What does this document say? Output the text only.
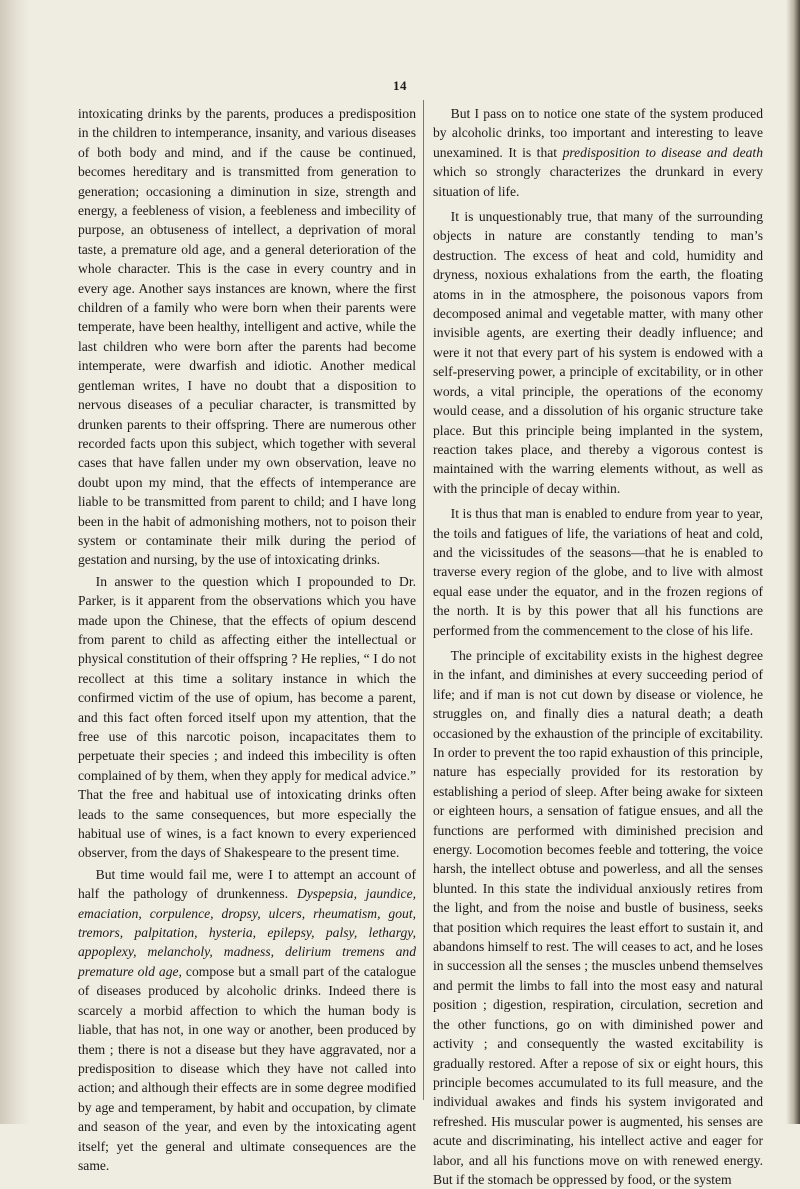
14

intoxicating drinks by the parents, produces a predisposition in the children to intemperance, insanity, and various diseases of both body and mind, and if the cause be continued, becomes hereditary and is transmitted from generation to generation; occasioning a diminution in size, strength and energy, a feebleness of vision, a feebleness and imbecility of purpose, an obtuseness of intellect, a deprivation of moral taste, a premature old age, and a general deterioration of the whole character. This is the case in every country and in every age. Another says instances are known, where the first children of a family who were born when their parents were temperate, have been healthy, intelligent and active, while the last children who were born after the parents had become intemperate, were dwarfish and idiotic. Another medical gentleman writes, I have no doubt that a disposition to nervous diseases of a peculiar character, is transmitted by drunken parents to their offspring. There are numerous other recorded facts upon this subject, which together with several cases that have fallen under my own observation, leave no doubt upon my mind, that the effects of intemperance are liable to be transmitted from parent to child; and I have long been in the habit of admonishing mothers, not to poison their system or contaminate their milk during the period of gestation and nursing, by the use of intoxicating drinks.

In answer to the question which I propounded to Dr. Parker, is it apparent from the observations which you have made upon the Chinese, that the effects of opium descend from parent to child as affecting either the intellectual or physical constitution of their offspring ? He replies, “ I do not recollect at this time a solitary instance in which the confirmed victim of the use of opium, has become a parent, and this fact often forced itself upon my attention, that the free use of this narcotic poison, incapacitates them to perpetuate their species ; and indeed this imbecility is often complained of by them, when they apply for medical advice.” That the free and habitual use of intoxicating drinks often leads to the same consequences, but more especially the habitual use of wines, is a fact known to every experienced observer, from the days of Shakespeare to the present time.

But time would fail me, were I to attempt an account of half the pathology of drunkenness. Dyspepsia, jaundice, emaciation, corpulence, dropsy, ulcers, rheumatism, gout, tremors, palpitation, hysteria, epilepsy, palsy, lethargy, appoplexy, melancholy, madness, delirium tremens and premature old age, compose but a small part of the catalogue of diseases produced by alcoholic drinks. Indeed there is scarcely a morbid affection to which the human body is liable, that has not, in one way or another, been produced by them ; there is not a disease but they have aggravated, nor a predisposition to disease which they have not called into action; and although their effects are in some degree modified by age and temperament, by habit and occupation, by climate and season of the year, and even by the intoxicating agent itself; yet the general and ultimate consequences are the same.

But I pass on to notice one state of the system produced by alcoholic drinks, too important and interesting to leave unexamined. It is that predisposition to disease and death which so strongly characterizes the drunkard in every situation of life.

It is unquestionably true, that many of the surrounding objects in nature are constantly tending to man’s destruction. The excess of heat and cold, humidity and dryness, noxious exhalations from the earth, the floating atoms in in the atmosphere, the poisonous vapors from decomposed animal and vegetable matter, with many other invisible agents, are exerting their deadly influence; and were it not that every part of his system is endowed with a self-preserving power, a principle of excitability, or in other words, a vital principle, the operations of the economy would cease, and a dissolution of his organic structure take place. But this principle being implanted in the system, reaction takes place, and thereby a vigorous contest is maintained with the warring elements without, as well as with the principle of decay within.

It is thus that man is enabled to endure from year to year, the toils and fatigues of life, the variations of heat and cold, and the vicissitudes of the seasons—that he is enabled to traverse every region of the globe, and to live with almost equal ease under the equator, and in the frozen regions of the north. It is by this power that all his functions are performed from the commencement to the close of his life.

The principle of excitability exists in the highest degree in the infant, and diminishes at every succeeding period of life; and if man is not cut down by disease or violence, he struggles on, and finally dies a natural death; a death occasioned by the exhaustion of the principle of excitability. In order to prevent the too rapid exhaustion of this principle, nature has especially provided for its restoration by establishing a period of sleep. After being awake for sixteen or eighteen hours, a sensation of fatigue ensues, and all the functions are performed with diminished precision and energy. Locomotion becomes feeble and tottering, the voice harsh, the intellect obtuse and powerless, and all the senses blunted. In this state the individual anxiously retires from the light, and from the noise and bustle of business, seeks that position which requires the least effort to sustain it, and abandons himself to rest. The will ceases to act, and he loses in succession all the senses ; the muscles unbend themselves and permit the limbs to fall into the most easy and natural position ; digestion, respiration, circulation, secretion and the other functions, go on with diminished power and activity ; and consequently the wasted excitability is gradually restored. After a repose of six or eight hours, this principle becomes accumulated to its full measure, and the individual awakes and finds his system invigorated and refreshed. His muscular power is augmented, his senses are acute and discriminating, his intellect active and eager for labor, and all his functions move on with renewed energy. But if the stomach be oppressed by food, or the system
